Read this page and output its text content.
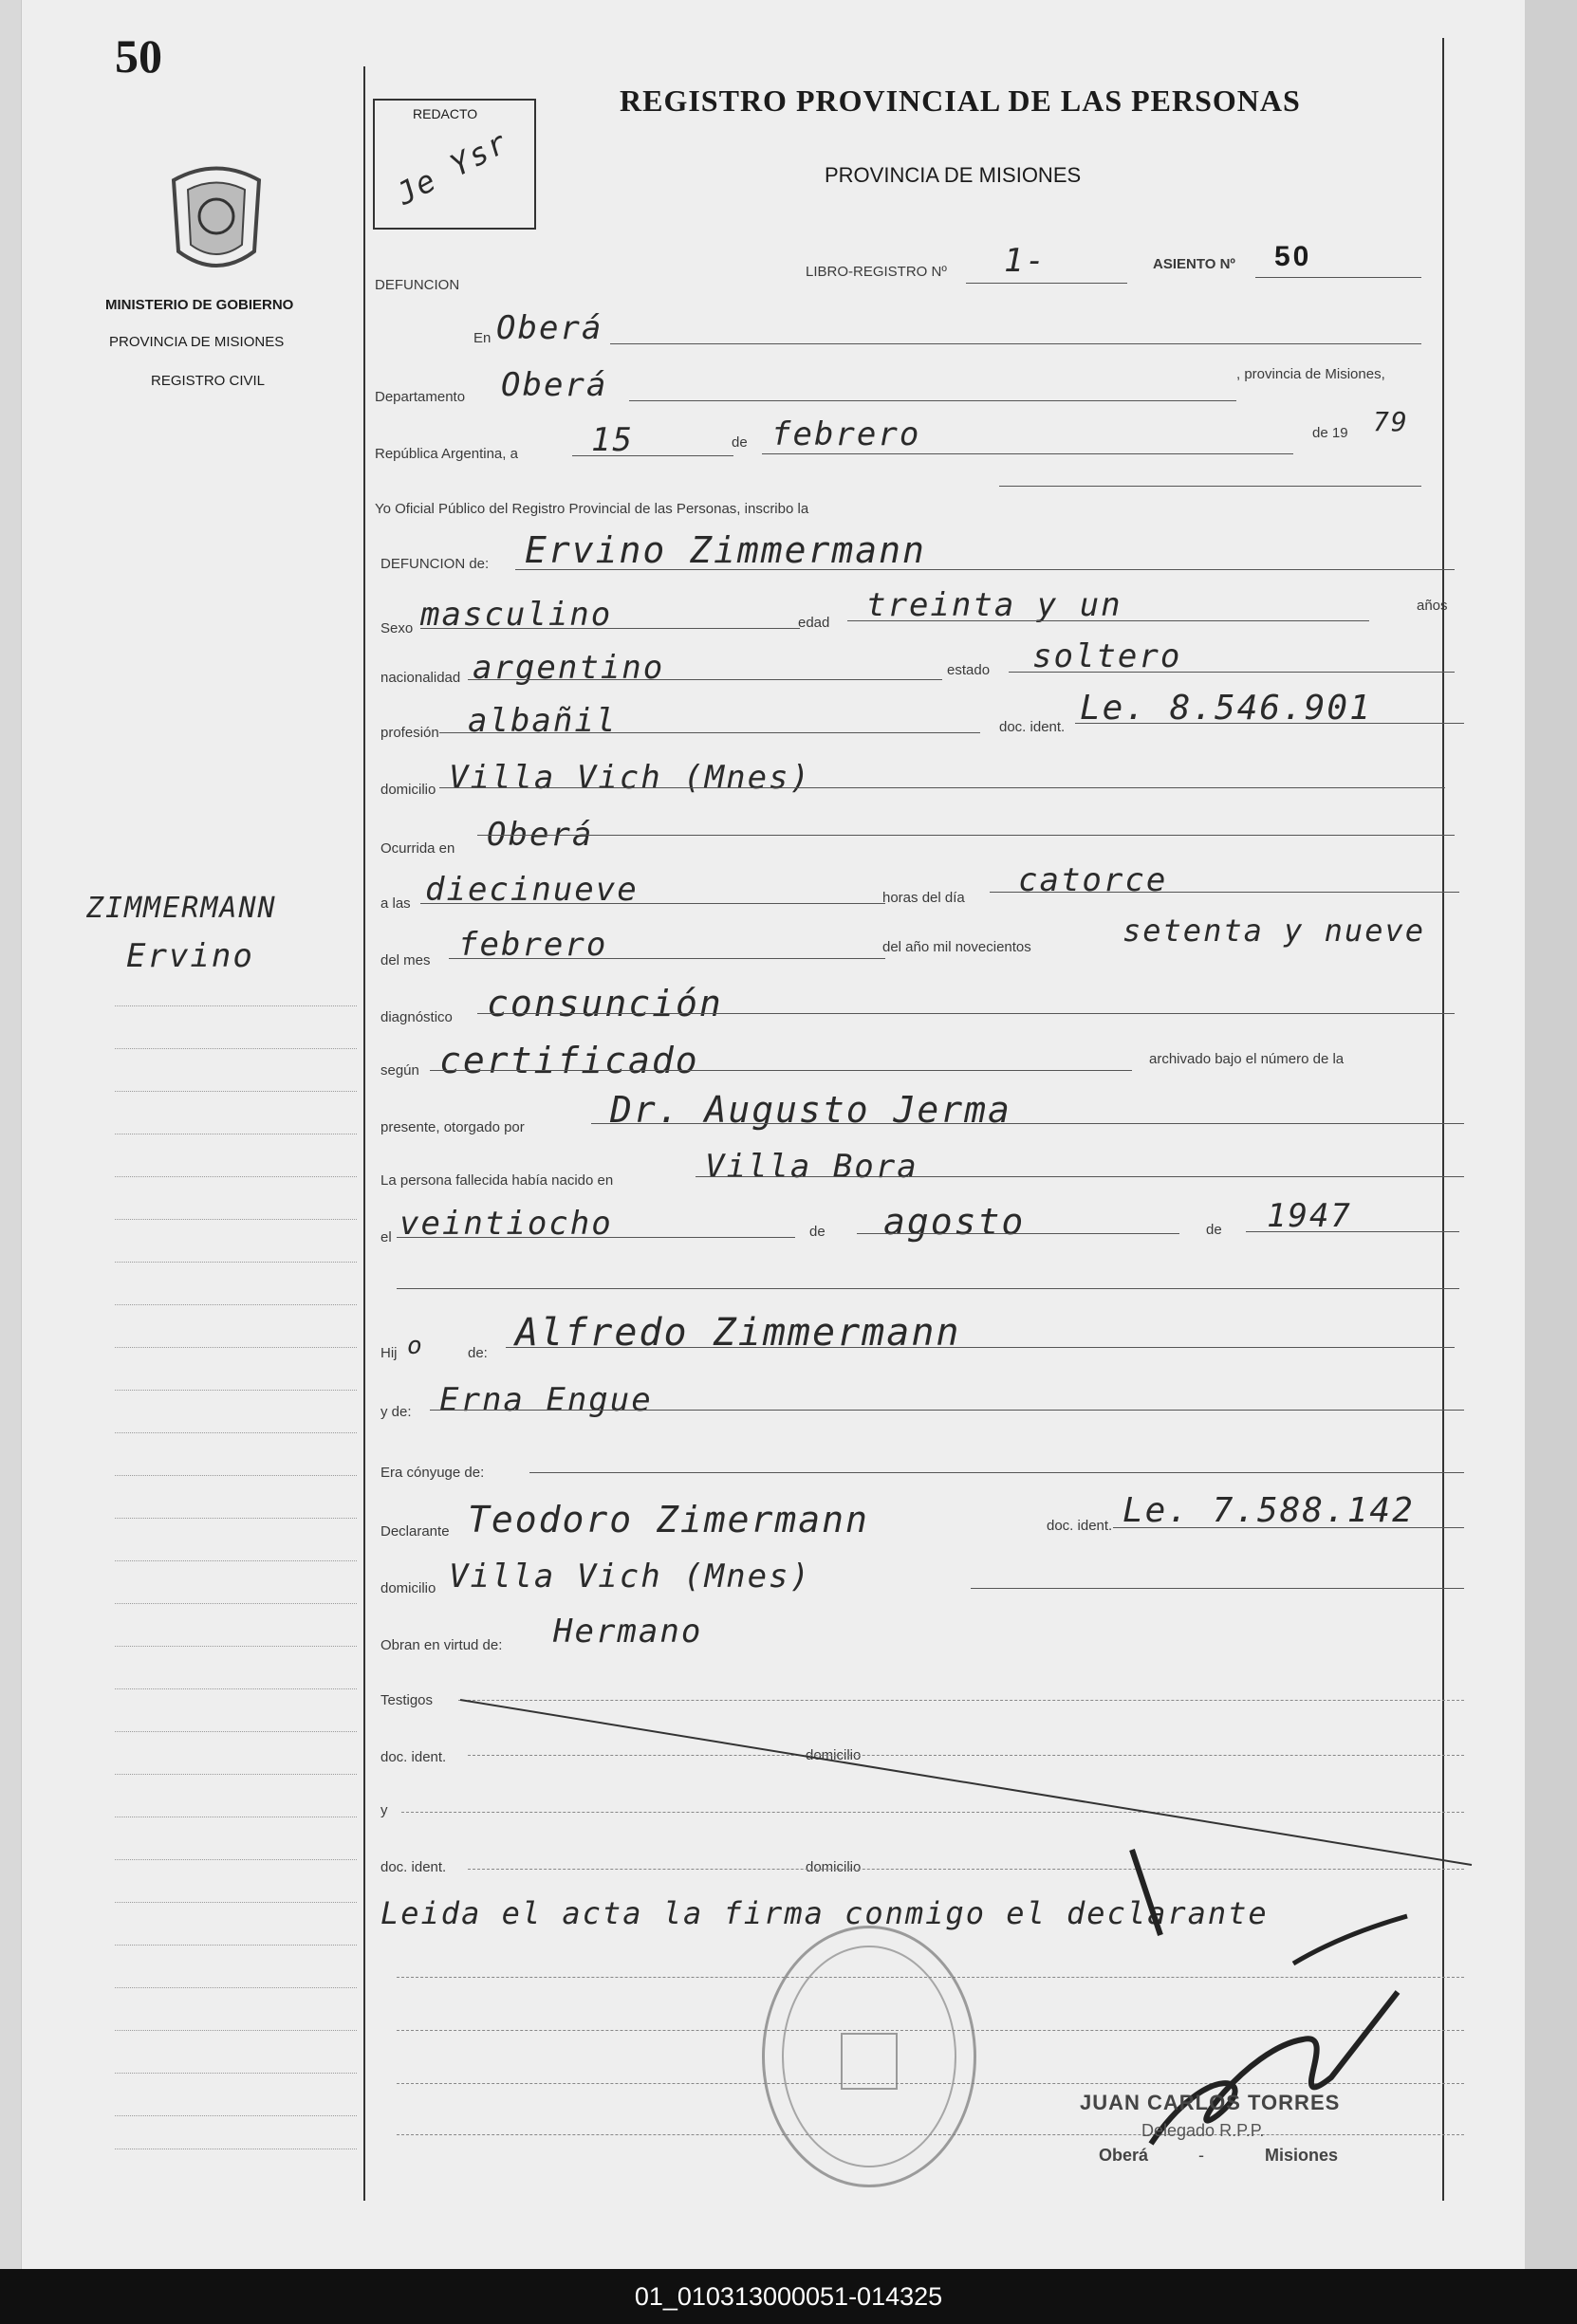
50
MINISTERIO DE GOBIERNO
PROVINCIA DE MISIONES
REGISTRO CIVIL
ZIMMERMANN
Ervino
REDACTO
Je Ysr
REGISTRO PROVINCIAL DE LAS PERSONAS
PROVINCIA DE MISIONES
DEFUNCION
LIBRO-REGISTRO Nº 1-	ASIENTO Nº 50
En Oberá
Departamento Oberá	, provincia de Misiones,
República Argentina, a 15	de febrero	de 19 79
Yo Oficial Público del Registro Provincial de las Personas, inscribo la
DEFUNCION de: Ervino Zimmermann
Sexo masculino	edad treinta y un	años
nacionalidad argentino	estado soltero
profesión albañil	doc. ident. Le. 8.546.901
domicilio Villa Vich (Mnes)
Ocurrida en Oberá
a las diecinueve	horas del día catorce
del mes febrero	del año mil novecientos	setenta y nueve
diagnóstico consunción
según certificado	archivado bajo el número de la
presente, otorgado por Dr. Augusto Jerma
La persona fallecida había nacido en	Villa Bora
el veintiocho	de agosto	de 1947
Hij o	de: Alfredo Zimmermann
y de: Erna Engue
Era cónyuge de:
Declarante Teodoro Zimermann	doc. ident. Le. 7.588.142
domicilio Villa Vich (Mnes)
Obran en virtud de: Hermano
Testigos
doc. ident.	domicilio
y
doc. ident.	domicilio
Leida el acta la firma conmigo el declarante
JUAN CARLOS TORRES
Delegado R.P.P.
Oberá	-	Misiones
01_010313000051-014325
